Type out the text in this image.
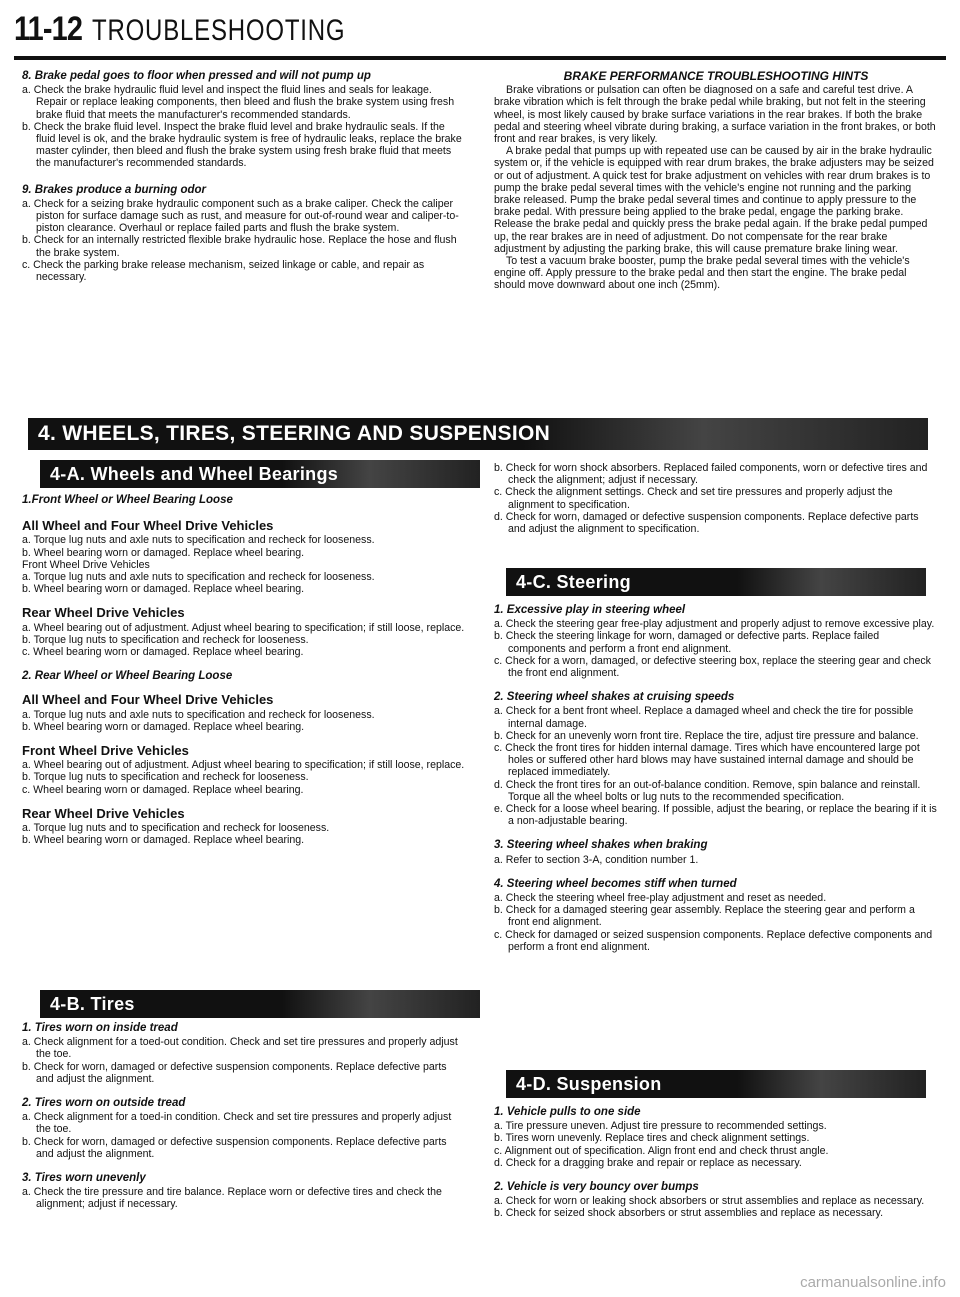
11-12 TROUBLESHOOTING

8. Brake pedal goes to floor when pressed and will not pump up

a. Check the brake hydraulic fluid level and inspect the fluid lines and seals for leakage. Repair or replace leaking components, then bleed and flush the brake system using fresh brake fluid that meets the manufacturer's recommended standards.

b. Check the brake fluid level. Inspect the brake fluid level and brake hydraulic seals. If the fluid level is ok, and the brake hydraulic system is free of hydraulic leaks, replace the brake master cylinder, then bleed and flush the brake system using fresh brake fluid that meets the manufacturer's recommended standards.

9. Brakes produce a burning odor

a. Check for a seizing brake hydraulic component such as a brake caliper. Check the caliper piston for surface damage such as rust, and measure for out-of-round wear and caliper-to-piston clearance. Overhaul or replace failed parts and flush the brake system.

b. Check for an internally restricted flexible brake hydraulic hose. Replace the hose and flush the brake system.

c. Check the parking brake release mechanism, seized linkage or cable, and repair as necessary.

BRAKE PERFORMANCE TROUBLESHOOTING HINTS

Brake vibrations or pulsation can often be diagnosed on a safe and careful test drive. A brake vibration which is felt through the brake pedal while braking, but not felt in the steering wheel, is most likely caused by brake surface variations in the rear brakes. If both the brake pedal and steering wheel vibrate during braking, a surface variation in the front brakes, or both front and rear brakes, is very likely.

A brake pedal that pumps up with repeated use can be caused by air in the brake hydraulic system or, if the vehicle is equipped with rear drum brakes, the brake adjusters may be seized or out of adjustment. A quick test for brake adjustment on vehicles with rear drum brakes is to pump the brake pedal several times with the vehicle's engine not running and the parking brake released. Pump the brake pedal several times and continue to apply pressure to the brake pedal. With pressure being applied to the brake pedal, engage the parking brake. Release the brake pedal and quickly press the brake pedal again. If the brake pedal pumped up, the rear brakes are in need of adjustment. Do not compensate for the rear brake adjustment by adjusting the parking brake, this will cause premature brake lining wear.

To test a vacuum brake booster, pump the brake pedal several times with the vehicle's engine off. Apply pressure to the brake pedal and then start the engine. The brake pedal should move downward about one inch (25mm).

4. WHEELS, TIRES, STEERING AND SUSPENSION
4-A. Wheels and Wheel Bearings

1.Front Wheel or Wheel Bearing Loose

All Wheel and Four Wheel Drive Vehicles

a. Torque lug nuts and axle nuts to specification and recheck for looseness.

b. Wheel bearing worn or damaged. Replace wheel bearing.

Front Wheel Drive Vehicles

a. Torque lug nuts and axle nuts to specification and recheck for looseness.

b. Wheel bearing worn or damaged. Replace wheel bearing.

Rear Wheel Drive Vehicles

a. Wheel bearing out of adjustment. Adjust wheel bearing to specification; if still loose, replace.

b. Torque lug nuts to specification and recheck for looseness.

c. Wheel bearing worn or damaged. Replace wheel bearing.

2. Rear Wheel or Wheel Bearing Loose

All Wheel and Four Wheel Drive Vehicles

a. Torque lug nuts and axle nuts to specification and recheck for looseness.

b. Wheel bearing worn or damaged. Replace wheel bearing.

Front Wheel Drive Vehicles

a. Wheel bearing out of adjustment. Adjust wheel bearing to specification; if still loose, replace.

b. Torque lug nuts to specification and recheck for looseness.

c. Wheel bearing worn or damaged. Replace wheel bearing.

Rear Wheel Drive Vehicles

a. Torque lug nuts and to specification and recheck for looseness.

b. Wheel bearing worn or damaged. Replace wheel bearing.

4-B. Tires

1. Tires worn on inside tread

a. Check alignment for a toed-out condition. Check and set tire pressures and properly adjust the toe.

b. Check for worn, damaged or defective suspension components. Replace defective parts and adjust the alignment.

2. Tires worn on outside tread

a. Check alignment for a toed-in condition. Check and set tire pressures and properly adjust the toe.

b. Check for worn, damaged or defective suspension components. Replace defective parts and adjust the alignment.

3. Tires worn unevenly

a. Check the tire pressure and tire balance. Replace worn or defective tires and check the alignment; adjust if necessary.

b. Check for worn shock absorbers. Replaced failed components, worn or defective tires and check the alignment; adjust if necessary.

c. Check the alignment settings. Check and set tire pressures and properly adjust the alignment to specification.

d. Check for worn, damaged or defective suspension components. Replace defective parts and adjust the alignment to specification.

4-C. Steering

1. Excessive play in steering wheel

a. Check the steering gear free-play adjustment and properly adjust to remove excessive play.

b. Check the steering linkage for worn, damaged or defective parts. Replace failed components and perform a front end alignment.

c. Check for a worn, damaged, or defective steering box, replace the steering gear and check the front end alignment.

2. Steering wheel shakes at cruising speeds

a. Check for a bent front wheel. Replace a damaged wheel and check the tire for possible internal damage.

b. Check for an unevenly worn front tire. Replace the tire, adjust tire pressure and balance.

c. Check the front tires for hidden internal damage. Tires which have encountered large pot holes or suffered other hard blows may have sustained internal damage and should be replaced immediately.

d. Check the front tires for an out-of-balance condition. Remove, spin balance and reinstall. Torque all the wheel bolts or lug nuts to the recommended specification.

e. Check for a loose wheel bearing. If possible, adjust the bearing, or replace the bearing if it is a non-adjustable bearing.

3. Steering wheel shakes when braking

a. Refer to section 3-A, condition number 1.

4. Steering wheel becomes stiff when turned

a. Check the steering wheel free-play adjustment and reset as needed.

b. Check for a damaged steering gear assembly. Replace the steering gear and perform a front end alignment.

c. Check for damaged or seized suspension components. Replace defective components and perform a front end alignment.

4-D. Suspension

1. Vehicle pulls to one side

a. Tire pressure uneven. Adjust tire pressure to recommended settings.

b. Tires worn unevenly. Replace tires and check alignment settings.

c. Alignment out of specification. Align front end and check thrust angle.

d. Check for a dragging brake and repair or replace as necessary.

2. Vehicle is very bouncy over bumps

a. Check for worn or leaking shock absorbers or strut assemblies and replace as necessary.

b. Check for seized shock absorbers or strut assemblies and replace as necessary.

carmanualsonline.info
